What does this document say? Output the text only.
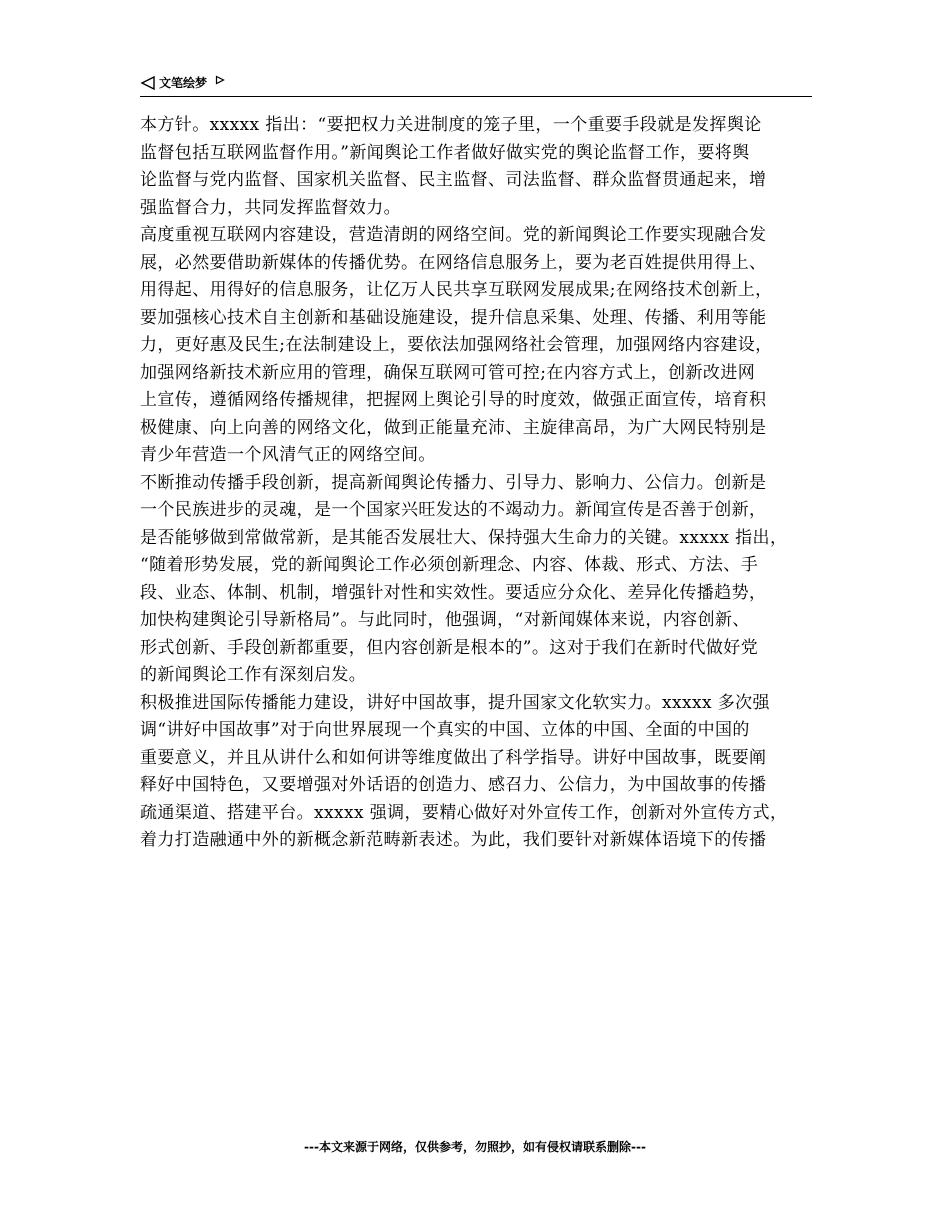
文笔绘梦
本方针。xxxxx 指出：“要把权力关进制度的笼子里，一个重要手段就是发挥舆论
监督包括互联网监督作用。”新闻舆论工作者做好做实党的舆论监督工作，要将舆
论监督与党内监督、国家机关监督、民主监督、司法监督、群众监督贯通起来，增
强监督合力，共同发挥监督效力。
高度重视互联网内容建设，营造清朗的网络空间。党的新闻舆论工作要实现融合发
展，必然要借助新媒体的传播优势。在网络信息服务上，要为老百姓提供用得上、
用得起、用得好的信息服务，让亿万人民共享互联网发展成果;在网络技术创新上，
要加强核心技术自主创新和基础设施建设，提升信息采集、处理、传播、利用等能
力，更好惠及民生;在法制建设上，要依法加强网络社会管理，加强网络内容建设，
加强网络新技术新应用的管理，确保互联网可管可控;在内容方式上，创新改进网
上宣传，遵循网络传播规律，把握网上舆论引导的时度效，做强正面宣传，培育积
极健康、向上向善的网络文化，做到正能量充沛、主旋律高昂，为广大网民特别是
青少年营造一个风清气正的网络空间。
不断推动传播手段创新，提高新闻舆论传播力、引导力、影响力、公信力。创新是
一个民族进步的灵魂，是一个国家兴旺发达的不竭动力。新闻宣传是否善于创新，
是否能够做到常做常新，是其能否发展壮大、保持强大生命力的关键。xxxxx 指出，
“随着形势发展，党的新闻舆论工作必须创新理念、内容、体裁、形式、方法、手
段、业态、体制、机制，增强针对性和实效性。要适应分众化、差异化传播趋势，
加快构建舆论引导新格局”。与此同时，他强调，“对新闻媒体来说，内容创新、
形式创新、手段创新都重要，但内容创新是根本的”。这对于我们在新时代做好党
的新闻舆论工作有深刻启发。
积极推进国际传播能力建设，讲好中国故事，提升国家文化软实力。xxxxx 多次强
调“讲好中国故事”对于向世界展现一个真实的中国、立体的中国、全面的中国的
重要意义，并且从讲什么和如何讲等维度做出了科学指导。讲好中国故事，既要阐
释好中国特色，又要增强对外话语的创造力、感召力、公信力，为中国故事的传播
疏通渠道、搭建平台。xxxxx 强调，要精心做好对外宣传工作，创新对外宣传方式，
着力打造融通中外的新概念新范畴新表述。为此，我们要针对新媒体语境下的传播
---本文来源于网络，仅供参考，勿照抄，如有侵权请联系删除---
